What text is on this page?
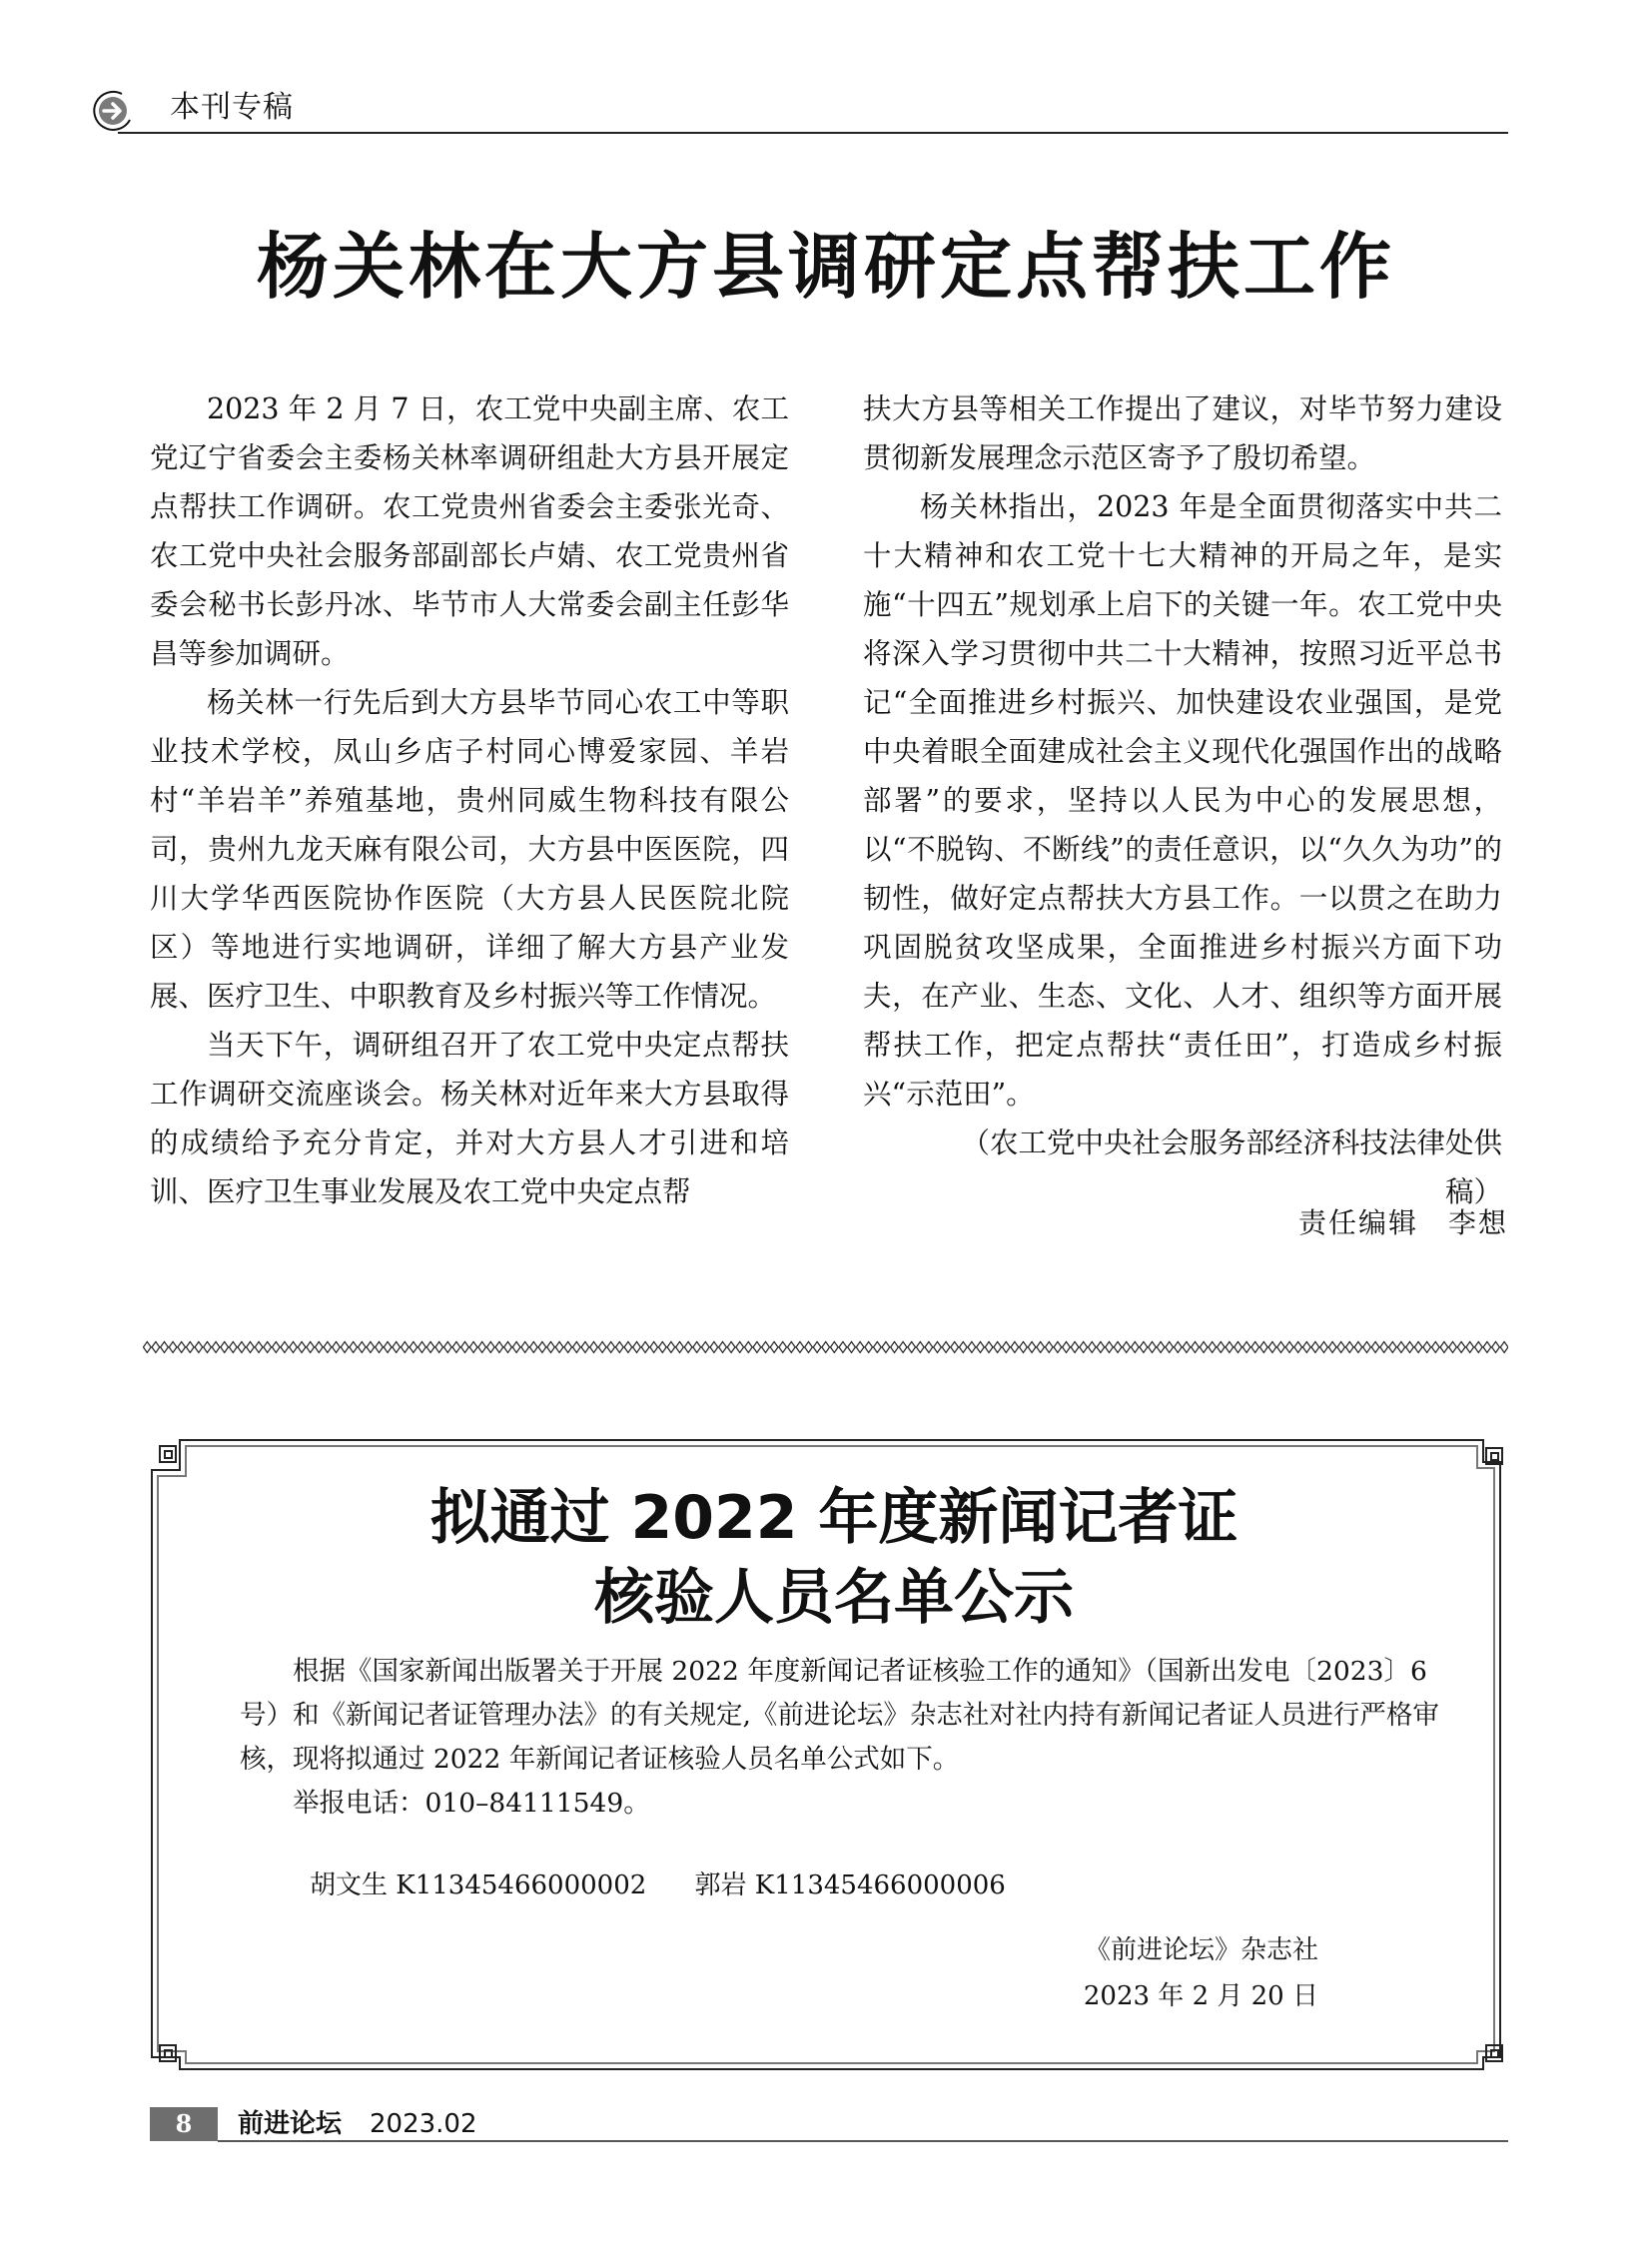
本刊专稿
杨关林在大方县调研定点帮扶工作

2023 年 2 月 7 日，农工党中央副主席、农工党辽宁省委会主委杨关林率调研组赴大方县开展定点帮扶工作调研。农工党贵州省委会主委张光奇、农工党中央社会服务部副部长卢婧、农工党贵州省委会秘书长彭丹冰、毕节市人大常委会副主任彭华昌等参加调研。

杨关林一行先后到大方县毕节同心农工中等职业技术学校，凤山乡店子村同心博爱家园、羊岩村“羊岩羊”养殖基地，贵州同威生物科技有限公司，贵州九龙天麻有限公司，大方县中医医院，四川大学华西医院协作医院（大方县人民医院北院区）等地进行实地调研，详细了解大方县产业发展、医疗卫生、中职教育及乡村振兴等工作情况。

当天下午，调研组召开了农工党中央定点帮扶工作调研交流座谈会。杨关林对近年来大方县取得的成绩给予充分肯定，并对大方县人才引进和培训、医疗卫生事业发展及农工党中央定点帮

扶大方县等相关工作提出了建议，对毕节努力建设贯彻新发展理念示范区寄予了殷切希望。

杨关林指出，2023 年是全面贯彻落实中共二十大精神和农工党十七大精神的开局之年，是实施“十四五”规划承上启下的关键一年。农工党中央将深入学习贯彻中共二十大精神，按照习近平总书记“全面推进乡村振兴、加快建设农业强国，是党中央着眼全面建成社会主义现代化强国作出的战略部署”的要求，坚持以人民为中心的发展思想，以“不脱钩、不断线”的责任意识，以“久久为功”的韧性，做好定点帮扶大方县工作。一以贯之在助力巩固脱贫攻坚成果，全面推进乡村振兴方面下功夫，在产业、生态、文化、人才、组织等方面开展帮扶工作，把定点帮扶“责任田”，打造成乡村振兴“示范田”。

（农工党中央社会服务部经济科技法律处供稿）

责任编辑　李想
拟通过 2022 年度新闻记者证
核验人员名单公示

根据《国家新闻出版署关于开展 2022 年度新闻记者证核验工作的通知》（国新出发电〔2023〕6 号）和《新闻记者证管理办法》的有关规定,《前进论坛》杂志社对社内持有新闻记者证人员进行严格审核，现将拟通过 2022 年新闻记者证核验人员名单公式如下。

举报电话：010–84111549。

胡文生 K11345466000002 郭岩 K11345466000006
《前进论坛》杂志社
2023 年 2 月 20 日
8	前进论坛 2023.02
